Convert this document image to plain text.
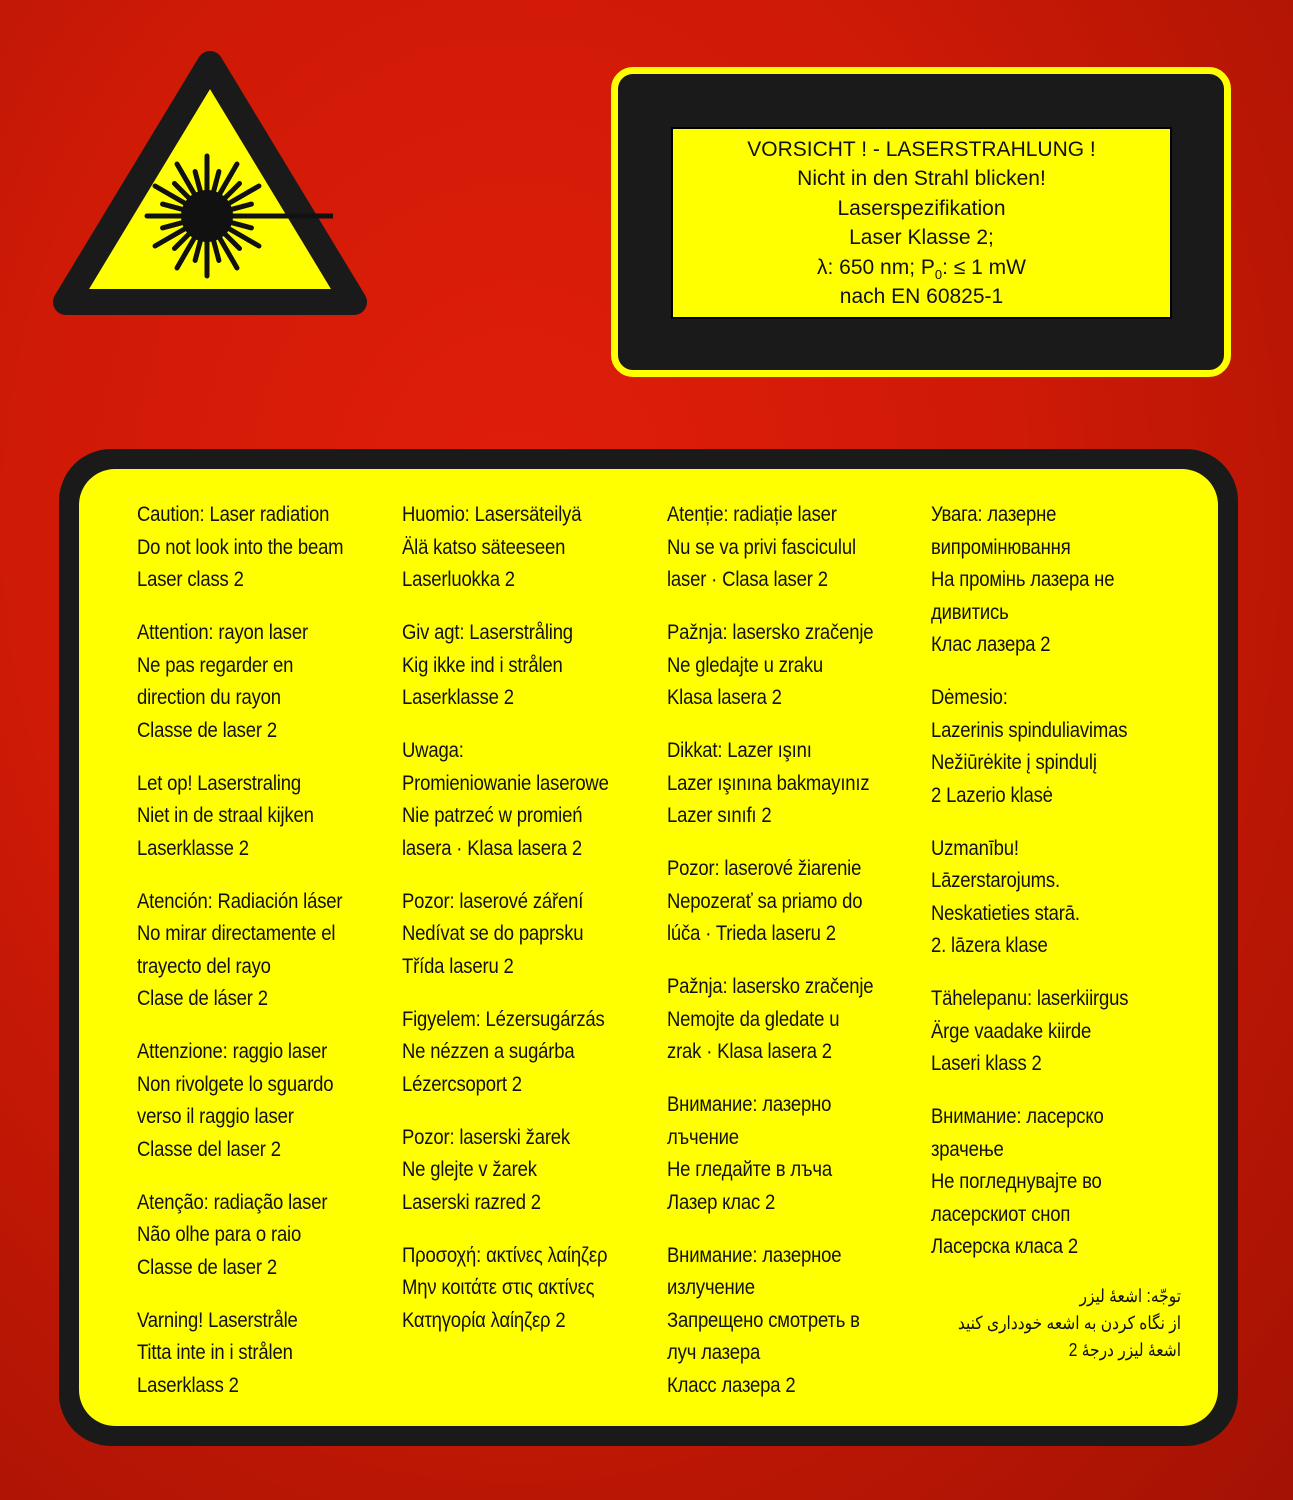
VORSICHT ! - LASERSTRAHLUNG !
Nicht in den Strahl blicken!
Laserspezifikation
Laser Klasse 2;
λ: 650 nm; $P_0$: ≤ 1 mW
nach EN 60825-1
Caution: Laser radiation
Do not look into the beam
Laser class 2
Attention: rayon laser
Ne pas regarder en
direction du rayon
Classe de laser 2
Let op! Laserstraling
Niet in de straal kijken
Laserklasse 2
Atención: Radiación láser
No mirar directamente el
trayecto del rayo
Clase de láser 2
Attenzione: raggio laser
Non rivolgete lo sguardo
verso il raggio laser
Classe del laser 2
Atenção: radiação laser
Não olhe para o raio
Classe de laser 2
Varning! Laserstråle
Titta inte in i strålen
Laserklass 2
Huomio: Lasersäteilyä
Älä katso säteeseen
Laserluokka 2
Giv agt: Laserstråling
Kig ikke ind i strålen
Laserklasse 2
Uwaga:
Promieniowanie laserowe
Nie patrzeć w promień
lasera · Klasa lasera 2
Pozor: laserové záření
Nedívat se do paprsku
Třída laseru 2
Figyelem: Lézersugárzás
Ne nézzen a sugárba
Lézercsoport 2
Pozor: laserski žarek
Ne glejte v žarek
Laserski razred 2
Προσοχή: ακτίνες λαίηζερ
Μην κοιτάτε στις ακτίνες
Κατηγορία λαίηζερ 2
Atenție: radiație laser
Nu se va privi fasciculul
laser · Clasa laser 2
Pažnja: lasersko zračenje
Ne gledajte u zraku
Klasa lasera 2
Dikkat: Lazer ışını
Lazer ışınına bakmayınız
Lazer sınıfı 2
Pozor: laserové žiarenie
Nepozerať sa priamo do
lúča · Trieda laseru 2
Pažnja: lasersko zračenje
Nemojte da gledate u
zrak · Klasa lasera 2
Внимание: лазерно
лъчение
Не гледайте в лъча
Лазер клас 2
Внимание: лазерное
излучение
Запрещено смотреть в
луч лазера
Класс лазера 2
Увага: лазерне
випромінювання
На промінь лазера не
дивитись
Клас лазера 2
Dėmesio:
Lazerinis spinduliavimas
Nežiūrėkite į spindulį
2 Lazerio klasė
Uzmanību!
Lāzerstarojums.
Neskatieties starā.
2. lāzera klase
Tähelepanu: laserkiirgus
Ärge vaadake kiirde
Laseri klass 2
Внимание: ласерско
зрачење
Не погледнувајте во
ласерскиот сноп
Ласерска класа 2
توجّه: اشعهٔ لیزر
از نگاه کردن به اشعه خودداری کنید
اشعهٔ لیزر درجهٔ 2
